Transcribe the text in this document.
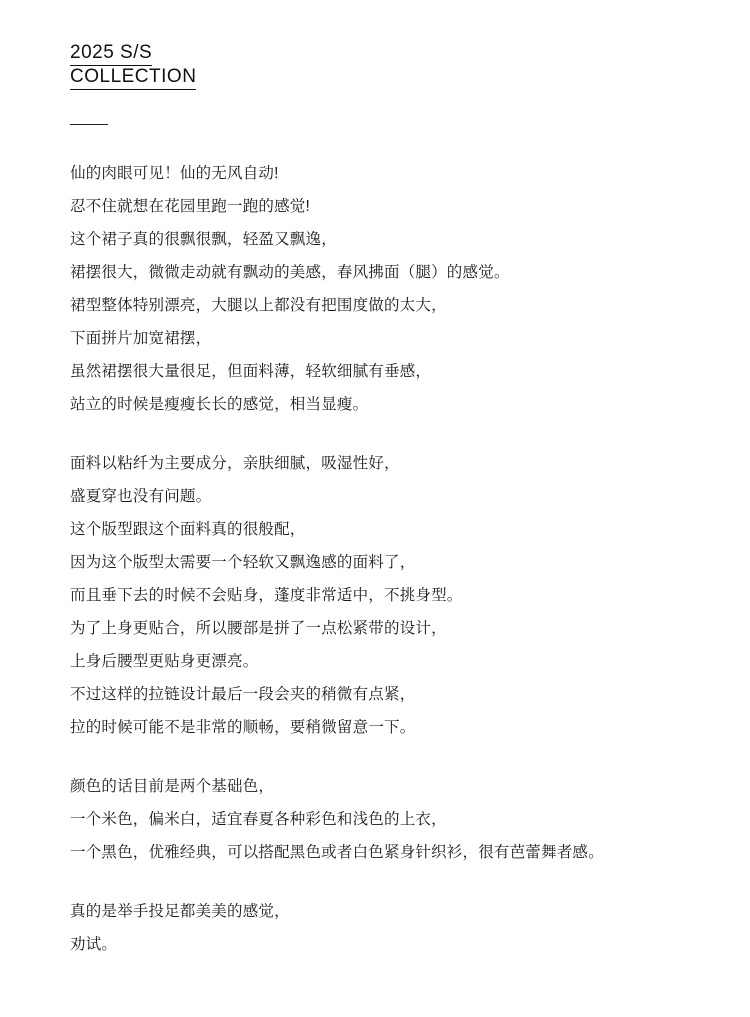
2025 S/S
COLLECTION
仙的肉眼可见！仙的无风自动!
忍不住就想在花园里跑一跑的感觉!
这个裙子真的很飘很飘，轻盈又飘逸，
裙摆很大，微微走动就有飘动的美感，春风拂面（腿）的感觉。
裙型整体特别漂亮，大腿以上都没有把围度做的太大，
下面拼片加宽裙摆，
虽然裙摆很大量很足，但面料薄，轻软细腻有垂感，
站立的时候是瘦瘦长长的感觉，相当显瘦。
面料以粘纤为主要成分，亲肤细腻，吸湿性好，
盛夏穿也没有问题。
这个版型跟这个面料真的很般配，
因为这个版型太需要一个轻软又飘逸感的面料了，
而且垂下去的时候不会贴身，蓬度非常适中，不挑身型。
为了上身更贴合，所以腰部是拼了一点松紧带的设计，
上身后腰型更贴身更漂亮。
不过这样的拉链设计最后一段会夹的稍微有点紧，
拉的时候可能不是非常的顺畅，要稍微留意一下。
颜色的话目前是两个基础色，
一个米色，偏米白，适宜春夏各种彩色和浅色的上衣，
一个黑色，优雅经典，可以搭配黑色或者白色紧身针织衫，很有芭蕾舞者感。
真的是举手投足都美美的感觉，
劝试。
